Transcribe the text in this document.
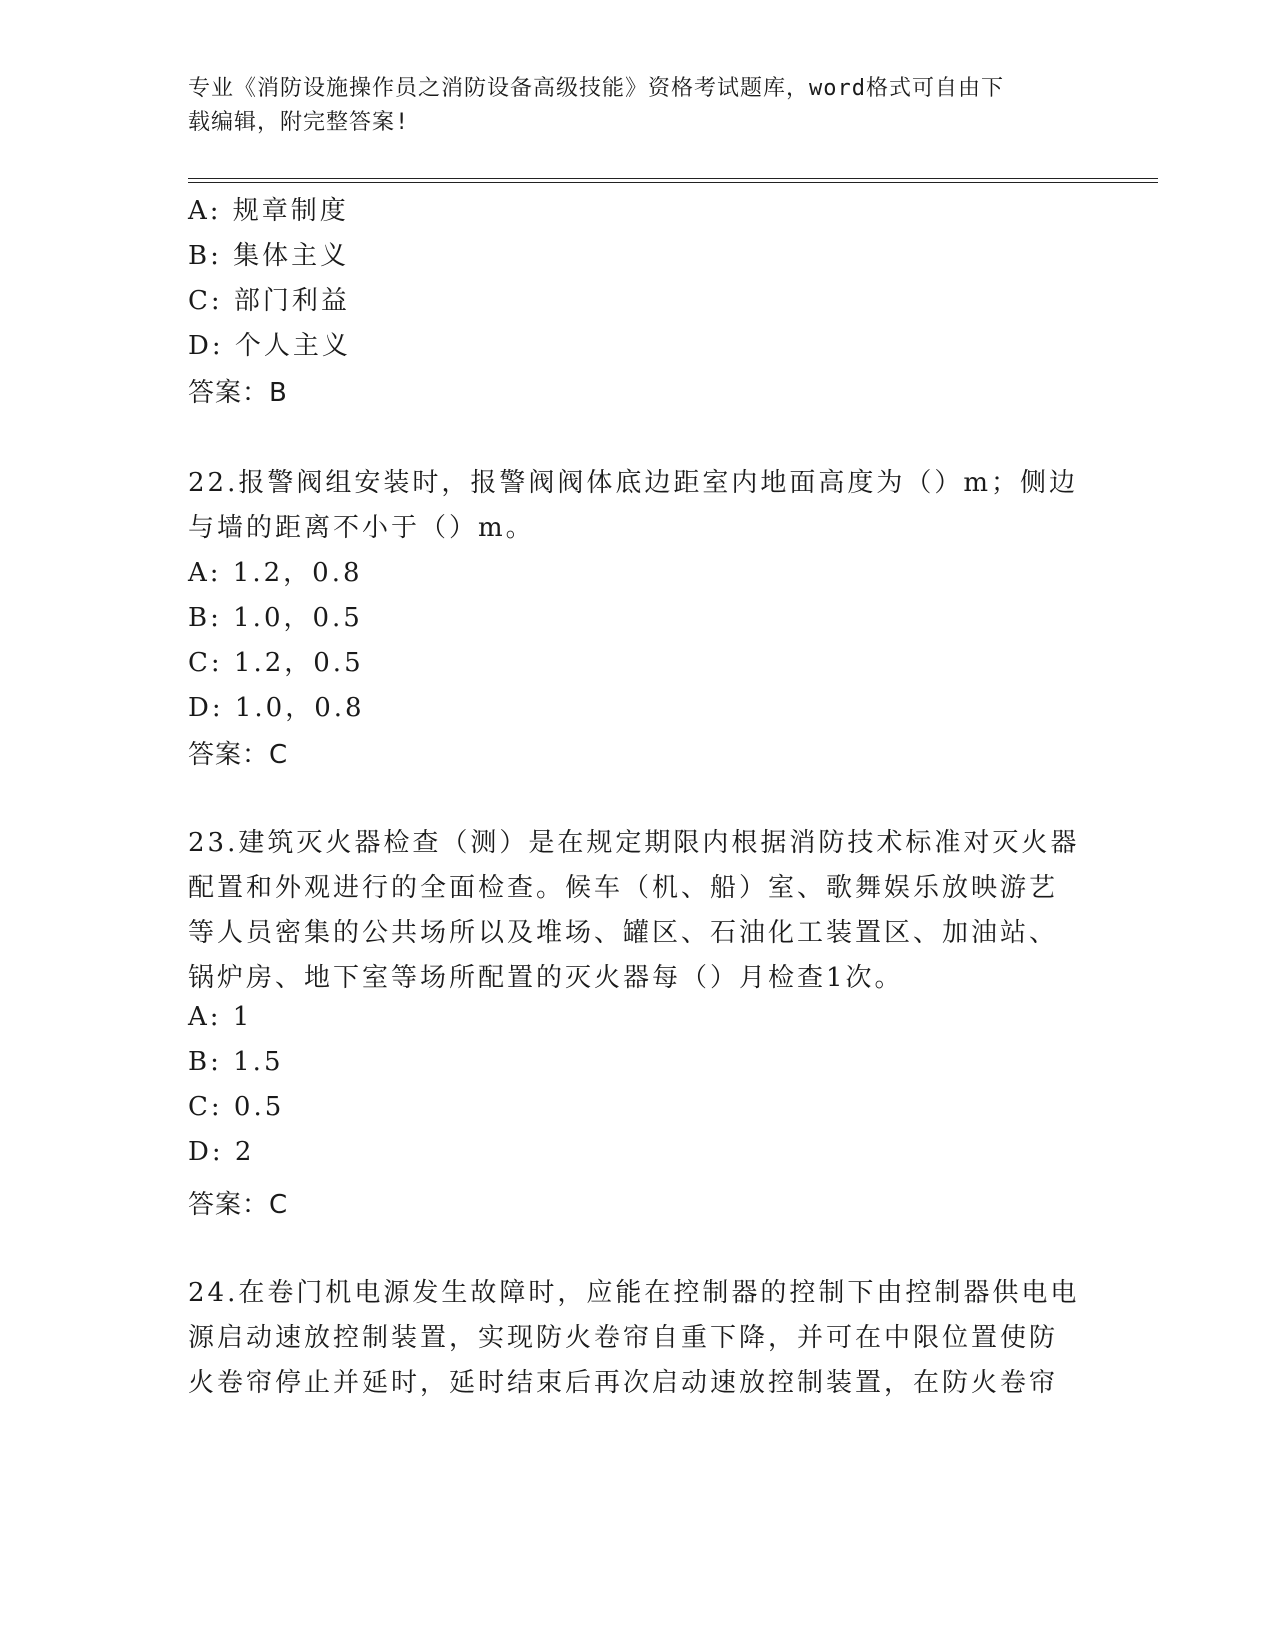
专业《消防设施操作员之消防设备高级技能》资格考试题库，word格式可自由下
载编辑，附完整答案!
A: 规章制度
B: 集体主义
C: 部门利益
D: 个人主义
答案：B
22.报警阀组安装时，报警阀阀体底边距室内地面高度为（）m；侧边
与墙的距离不小于（）m。
A: 1.2，0.8
B: 1.0，0.5
C: 1.2，0.5
D: 1.0，0.8
答案：C
23.建筑灭火器检查（测）是在规定期限内根据消防技术标准对灭火器
配置和外观进行的全面检查。候车（机、船）室、歌舞娱乐放映游艺
等人员密集的公共场所以及堆场、罐区、石油化工装置区、加油站、
锅炉房、地下室等场所配置的灭火器每（）月检查1次。
A: 1
B: 1.5
C: 0.5
D: 2
答案：C
24.在卷门机电源发生故障时，应能在控制器的控制下由控制器供电电
源启动速放控制装置，实现防火卷帘自重下降，并可在中限位置使防
火卷帘停止并延时，延时结束后再次启动速放控制装置，在防火卷帘
